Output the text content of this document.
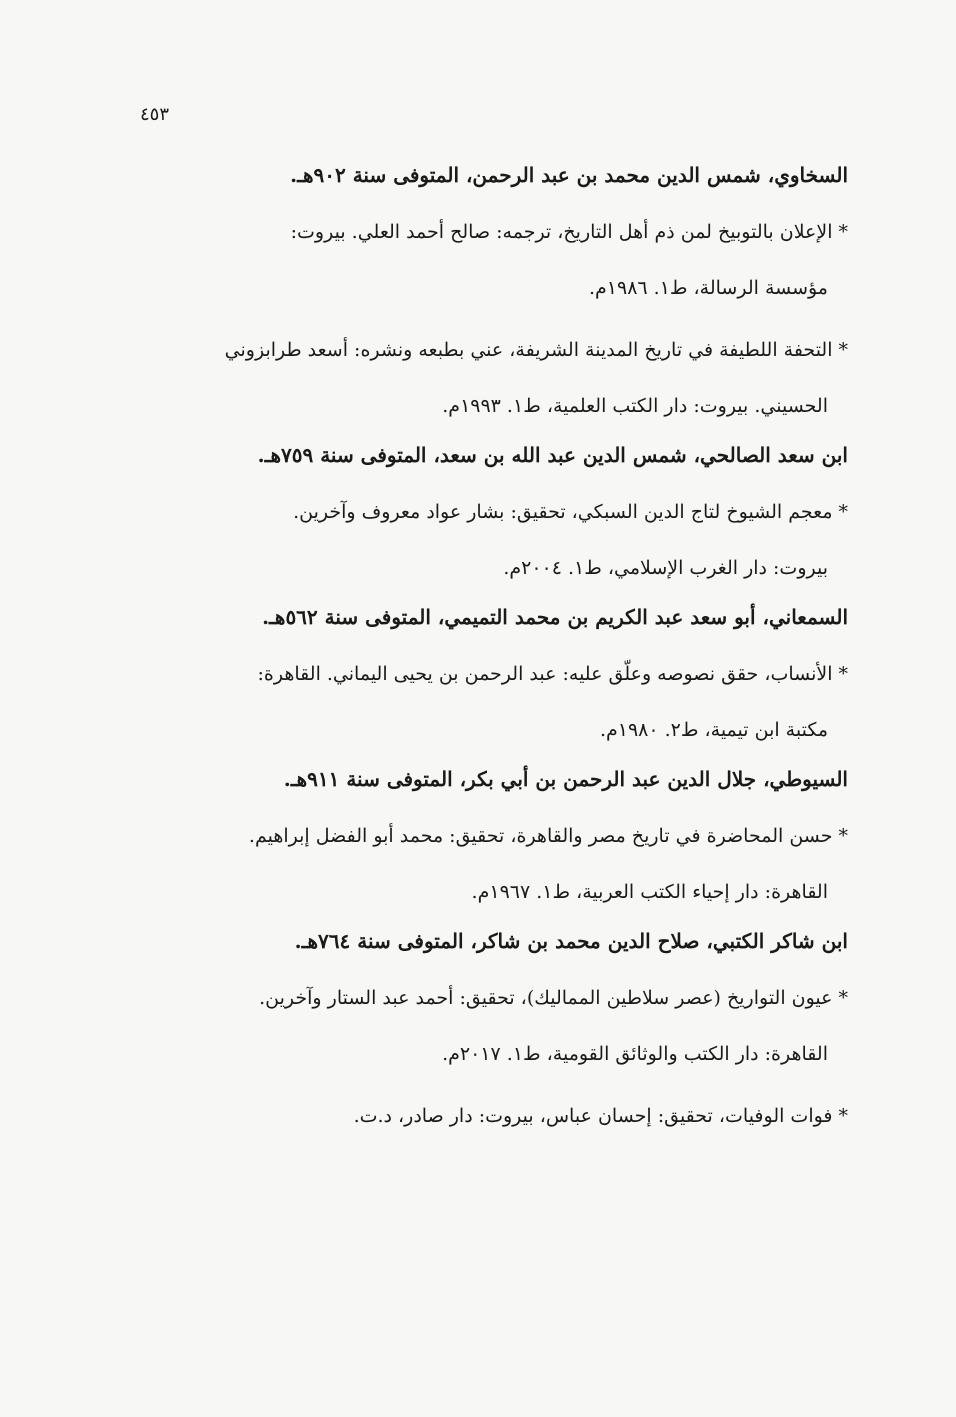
٤٥٣
السخاوي، شمس الدين محمد بن عبد الرحمن، المتوفى سنة ٩٠٢هـ.
*الإعلان بالتوبيخ لمن ذم أهل التاريخ، ترجمه: صالح أحمد العلي. بيروت:
مؤسسة الرسالة، ط١. ١٩٨٦م.
*التحفة اللطيفة في تاريخ المدينة الشريفة، عني بطبعه ونشره: أسعد طرابزوني
الحسيني. بيروت: دار الكتب العلمية، ط١. ١٩٩٣م.
ابن سعد الصالحي، شمس الدين عبد الله بن سعد، المتوفى سنة ٧٥٩هـ.
*معجم الشيوخ لتاج الدين السبكي، تحقيق: بشار عواد معروف وآخرين.
بيروت: دار الغرب الإسلامي، ط١. ٢٠٠٤م.
السمعاني، أبو سعد عبد الكريم بن محمد التميمي، المتوفى سنة ٥٦٢هـ.
*الأنساب، حقق نصوصه وعلّق عليه: عبد الرحمن بن يحيى اليماني. القاهرة:
مكتبة ابن تيمية، ط٢. ١٩٨٠م.
السيوطي، جلال الدين عبد الرحمن بن أبي بكر، المتوفى سنة ٩١١هـ.
*حسن المحاضرة في تاريخ مصر والقاهرة، تحقيق: محمد أبو الفضل إبراهيم.
القاهرة: دار إحياء الكتب العربية، ط١. ١٩٦٧م.
ابن شاكر الكتبي، صلاح الدين محمد بن شاكر، المتوفى سنة ٧٦٤هـ.
*عيون التواريخ (عصر سلاطين المماليك)، تحقيق: أحمد عبد الستار وآخرين.
القاهرة: دار الكتب والوثائق القومية، ط١. ٢٠١٧م.
*فوات الوفيات، تحقيق: إحسان عباس، بيروت: دار صادر، د.ت.
